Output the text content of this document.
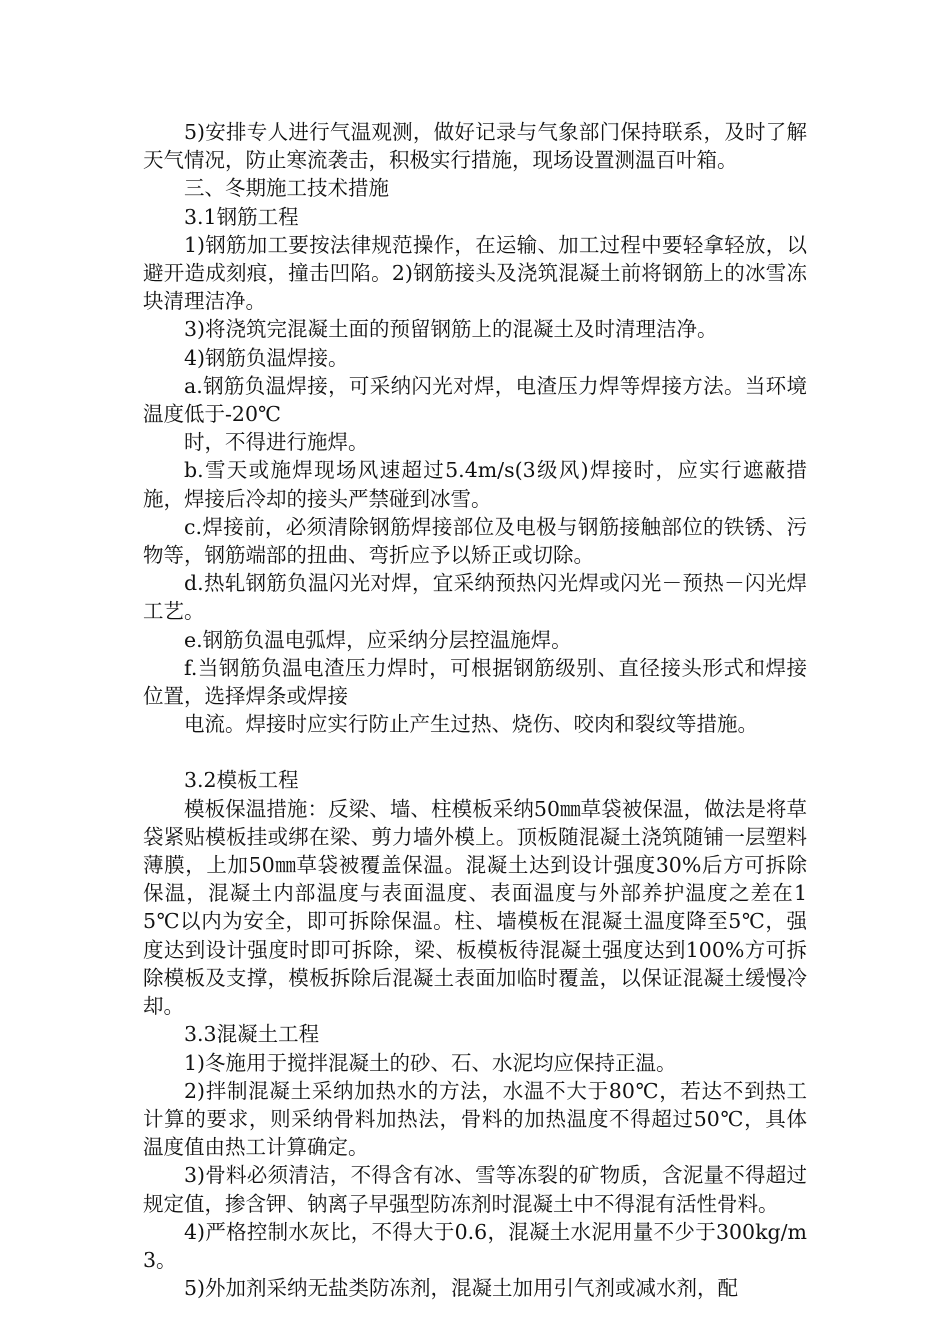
5)安排专人进行气温观测，做好记录与气象部门保持联系，及时了解天气情况，防止寒流袭击，积极实行措施，现场设置测温百叶箱。

三、冬期施工技术措施

3.1钢筋工程

1)钢筋加工要按法律规范操作，在运输、加工过程中要轻拿轻放，以避开造成刻痕，撞击凹陷。2)钢筋接头及浇筑混凝土前将钢筋上的冰雪冻块清理洁净。

3)将浇筑完混凝土面的预留钢筋上的混凝土及时清理洁净。

4)钢筋负温焊接。

a.钢筋负温焊接，可采纳闪光对焊，电渣压力焊等焊接方法。当环境温度低于-20℃

时，不得进行施焊。

b.雪天或施焊现场风速超过5.4m/s(3级风)焊接时，应实行遮蔽措施，焊接后冷却的接头严禁碰到冰雪。

c.焊接前，必须清除钢筋焊接部位及电极与钢筋接触部位的铁锈、污物等，钢筋端部的扭曲、弯折应予以矫正或切除。

d.热轧钢筋负温闪光对焊，宜采纳预热闪光焊或闪光－预热－闪光焊工艺。

e.钢筋负温电弧焊，应采纳分层控温施焊。

f.当钢筋负温电渣压力焊时，可根据钢筋级别、直径接头形式和焊接位置，选择焊条或焊接

电流。焊接时应实行防止产生过热、烧伤、咬肉和裂纹等措施。

3.2模板工程

模板保温措施：反梁、墙、柱模板采纳50㎜草袋被保温，做法是将草袋紧贴模板挂或绑在梁、剪力墙外模上。顶板随混凝土浇筑随铺一层塑料薄膜，上加50㎜草袋被覆盖保温。混凝土达到设计强度30%后方可拆除保温，混凝土内部温度与表面温度、表面温度与外部养护温度之差在15℃以内为安全，即可拆除保温。柱、墙模板在混凝土温度降至5℃，强度达到设计强度时即可拆除，梁、板模板待混凝土强度达到100%方可拆除模板及支撑，模板拆除后混凝土表面加临时覆盖，以保证混凝土缓慢冷却。

3.3混凝土工程

1)冬施用于搅拌混凝土的砂、石、水泥均应保持正温。

2)拌制混凝土采纳加热水的方法，水温不大于80℃，若达不到热工计算的要求，则采纳骨料加热法，骨料的加热温度不得超过50℃，具体温度值由热工计算确定。

3)骨料必须清洁，不得含有冰、雪等冻裂的矿物质，含泥量不得超过规定值，掺含钾、钠离子早强型防冻剂时混凝土中不得混有活性骨料。

4)严格控制水灰比，不得大于0.6，混凝土水泥用量不少于300kg/m3。

5)外加剂采纳无盐类防冻剂，混凝土加用引气剂或减水剂，配
